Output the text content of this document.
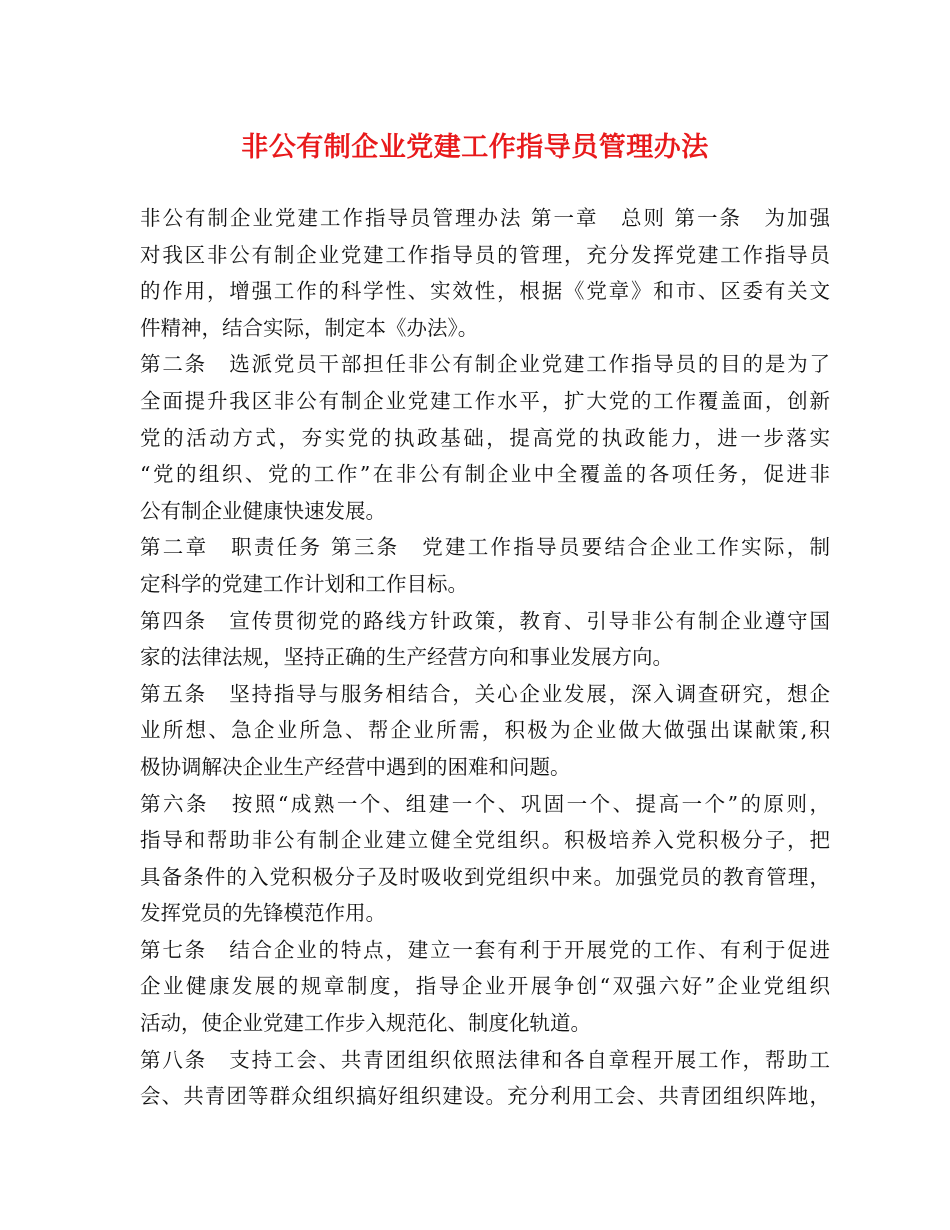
非公有制企业党建工作指导员管理办法
非公有制企业党建工作指导员管理办法 第一章　总则 第一条　为加强
对我区非公有制企业党建工作指导员的管理，充分发挥党建工作指导员
的作用，增强工作的科学性、实效性，根据《党章》和市、区委有关文
件精神，结合实际，制定本《办法》。
第二条　选派党员干部担任非公有制企业党建工作指导员的目的是为了
全面提升我区非公有制企业党建工作水平，扩大党的工作覆盖面，创新
党的活动方式，夯实党的执政基础，提高党的执政能力，进一步落实
“党的组织、党的工作”在非公有制企业中全覆盖的各项任务，促进非
公有制企业健康快速发展。
第二章　职责任务 第三条　党建工作指导员要结合企业工作实际，制
定科学的党建工作计划和工作目标。
第四条　宣传贯彻党的路线方针政策，教育、引导非公有制企业遵守国
家的法律法规，坚持正确的生产经营方向和事业发展方向。
第五条　坚持指导与服务相结合，关心企业发展，深入调查研究，想企
业所想、急企业所急、帮企业所需，积极为企业做大做强出谋献策,积
极协调解决企业生产经营中遇到的困难和问题。
第六条　按照“成熟一个、组建一个、巩固一个、提高一个”的原则，
指导和帮助非公有制企业建立健全党组织。积极培养入党积极分子，把
具备条件的入党积极分子及时吸收到党组织中来。加强党员的教育管理，
发挥党员的先锋模范作用。
第七条　结合企业的特点，建立一套有利于开展党的工作、有利于促进
企业健康发展的规章制度，指导企业开展争创“双强六好”企业党组织
活动，使企业党建工作步入规范化、制度化轨道。
第八条　支持工会、共青团组织依照法律和各自章程开展工作，帮助工
会、共青团等群众组织搞好组织建设。充分利用工会、共青团组织阵地，
